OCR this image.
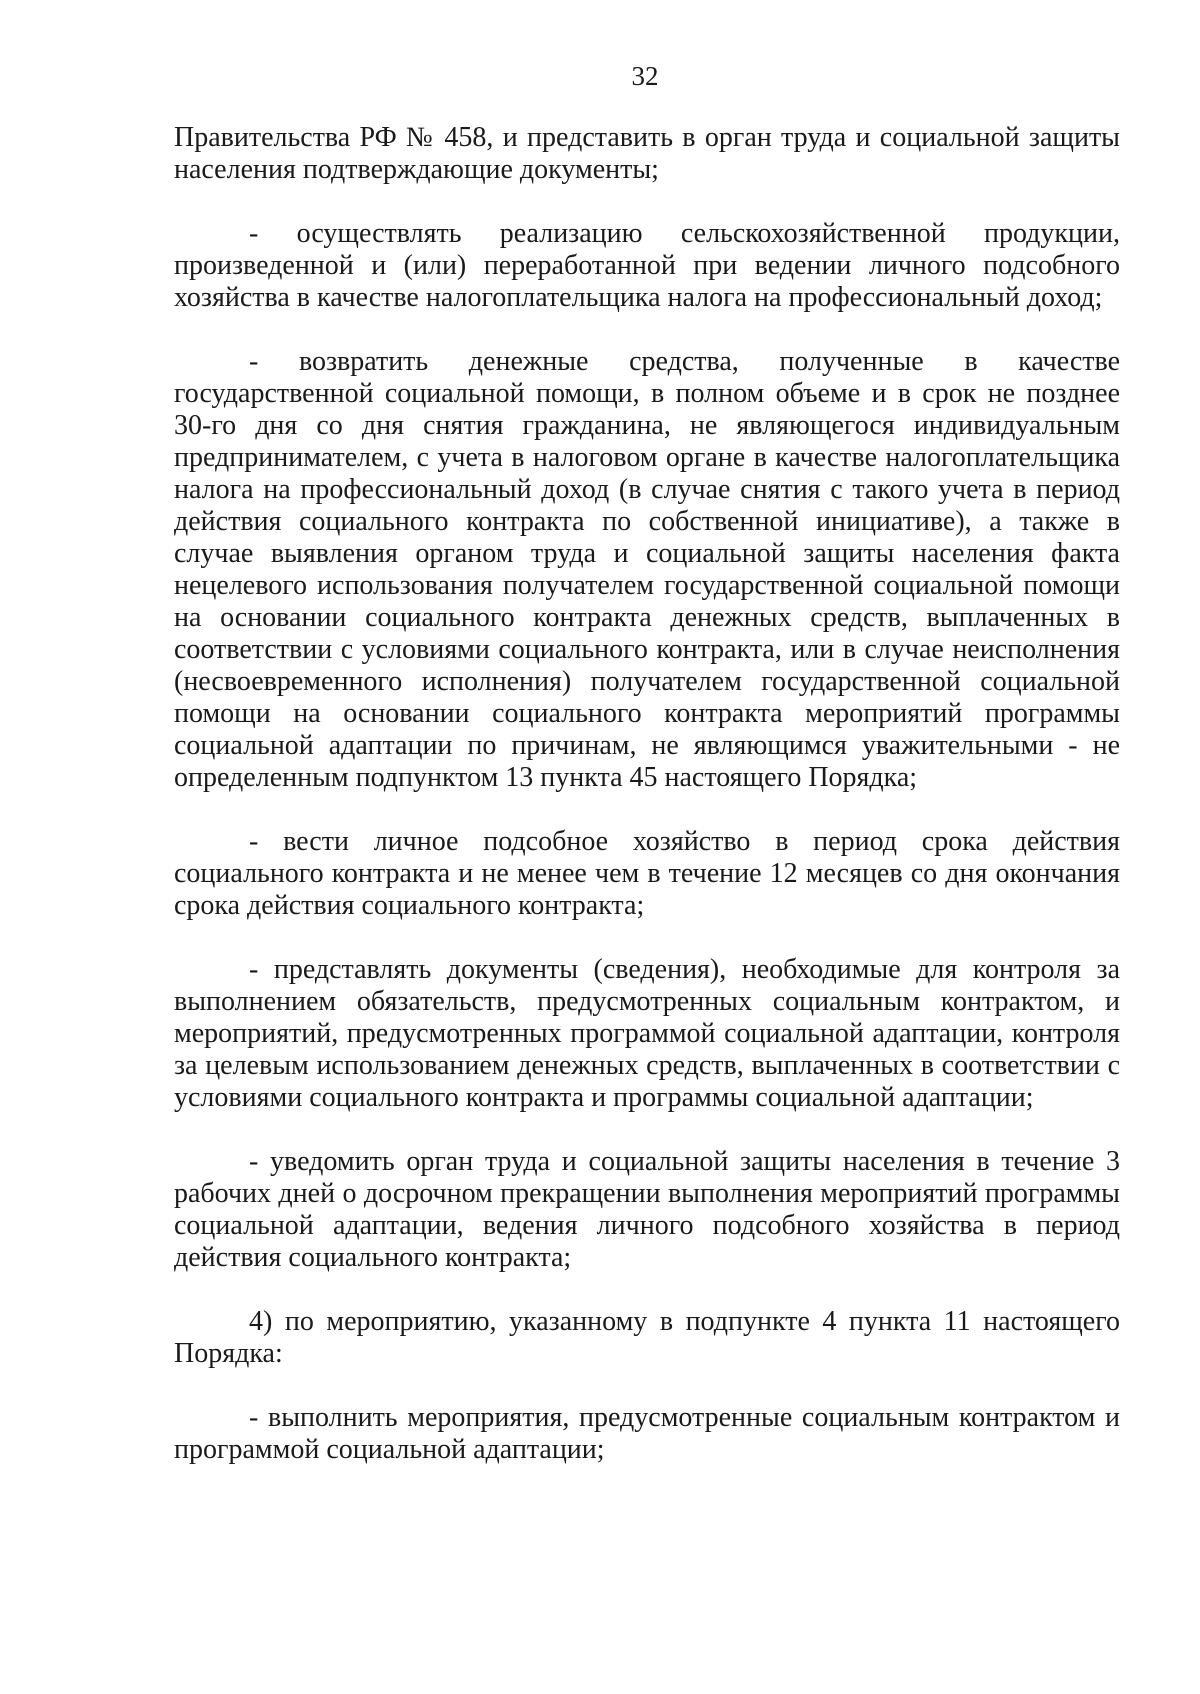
32

Правительства РФ № 458, и представить в орган труда и социальной защиты населения подтверждающие документы;

- осуществлять реализацию сельскохозяйственной продукции, произведенной и (или) переработанной при ведении личного подсобного хозяйства в качестве налогоплательщика налога на профессиональный доход;

- возвратить денежные средства, полученные в качестве государственной социальной помощи, в полном объеме и в срок не позднее 30-го дня со дня снятия гражданина, не являющегося индивидуальным предпринимателем, с учета в налоговом органе в качестве налогоплательщика налога на профессиональный доход (в случае снятия с такого учета в период действия социального контракта по собственной инициативе), а также в случае выявления органом труда и социальной защиты населения факта нецелевого использования получателем государственной социальной помощи на основании социального контракта денежных средств, выплаченных в соответствии с условиями социального контракта, или в случае неисполнения (несвоевременного исполнения) получателем государственной социальной помощи на основании социального контракта мероприятий программы социальной адаптации по причинам, не являющимся уважительными - не определенным подпунктом 13 пункта 45 настоящего Порядка;

- вести личное подсобное хозяйство в период срока действия социального контракта и не менее чем в течение 12 месяцев со дня окончания срока действия социального контракта;

- представлять документы (сведения), необходимые для контроля за выполнением обязательств, предусмотренных социальным контрактом, и мероприятий, предусмотренных программой социальной адаптации, контроля за целевым использованием денежных средств, выплаченных в соответствии с условиями социального контракта и программы социальной адаптации;

- уведомить орган труда и социальной защиты населения в течение 3 рабочих дней о досрочном прекращении выполнения мероприятий программы социальной адаптации, ведения личного подсобного хозяйства в период действия социального контракта;

4) по мероприятию, указанному в подпункте 4 пункта 11 настоящего Порядка:

- выполнить мероприятия, предусмотренные социальным контрактом и программой социальной адаптации;
